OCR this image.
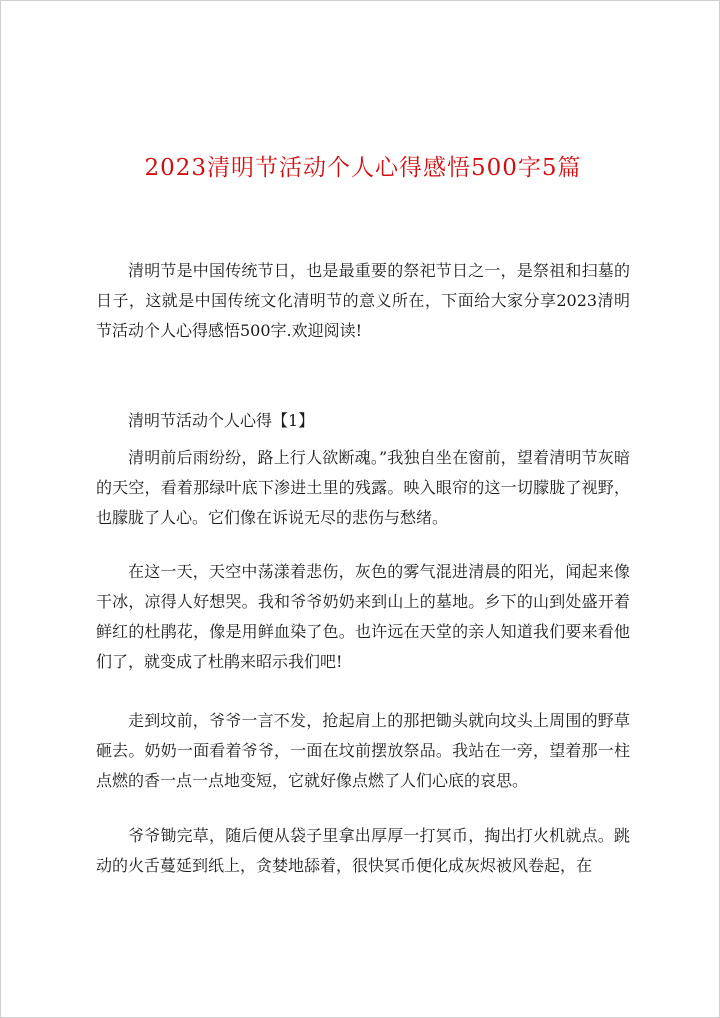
2023清明节活动个人心得感悟500字5篇

清明节是中国传统节日，也是最重要的祭祀节日之一，是祭祖和扫墓的日子，这就是中国传统文化清明节的意义所在，下面给大家分享2023清明节活动个人心得感悟500字.欢迎阅读!

清明节活动个人心得【1】

清明前后雨纷纷，路上行人欲断魂。”我独自坐在窗前，望着清明节灰暗的天空，看着那绿叶底下渗进土里的残露。映入眼帘的这一切朦胧了视野，也朦胧了人心。它们像在诉说无尽的悲伤与愁绪。

在这一天，天空中荡漾着悲伤，灰色的雾气混进清晨的阳光，闻起来像干冰，凉得人好想哭。我和爷爷奶奶来到山上的墓地。乡下的山到处盛开着鲜红的杜鹃花，像是用鲜血染了色。也许远在天堂的亲人知道我们要来看他们了，就变成了杜鹃来昭示我们吧!

走到坟前，爷爷一言不发，抢起肩上的那把锄头就向坟头上周围的野草砸去。奶奶一面看着爷爷，一面在坟前摆放祭品。我站在一旁，望着那一柱点燃的香一点一点地变短，它就好像点燃了人们心底的哀思。

爷爷锄完草，随后便从袋子里拿出厚厚一打冥币，掏出打火机就点。跳动的火舌蔓延到纸上，贪婪地舔着，很快冥币便化成灰烬被风卷起，在
